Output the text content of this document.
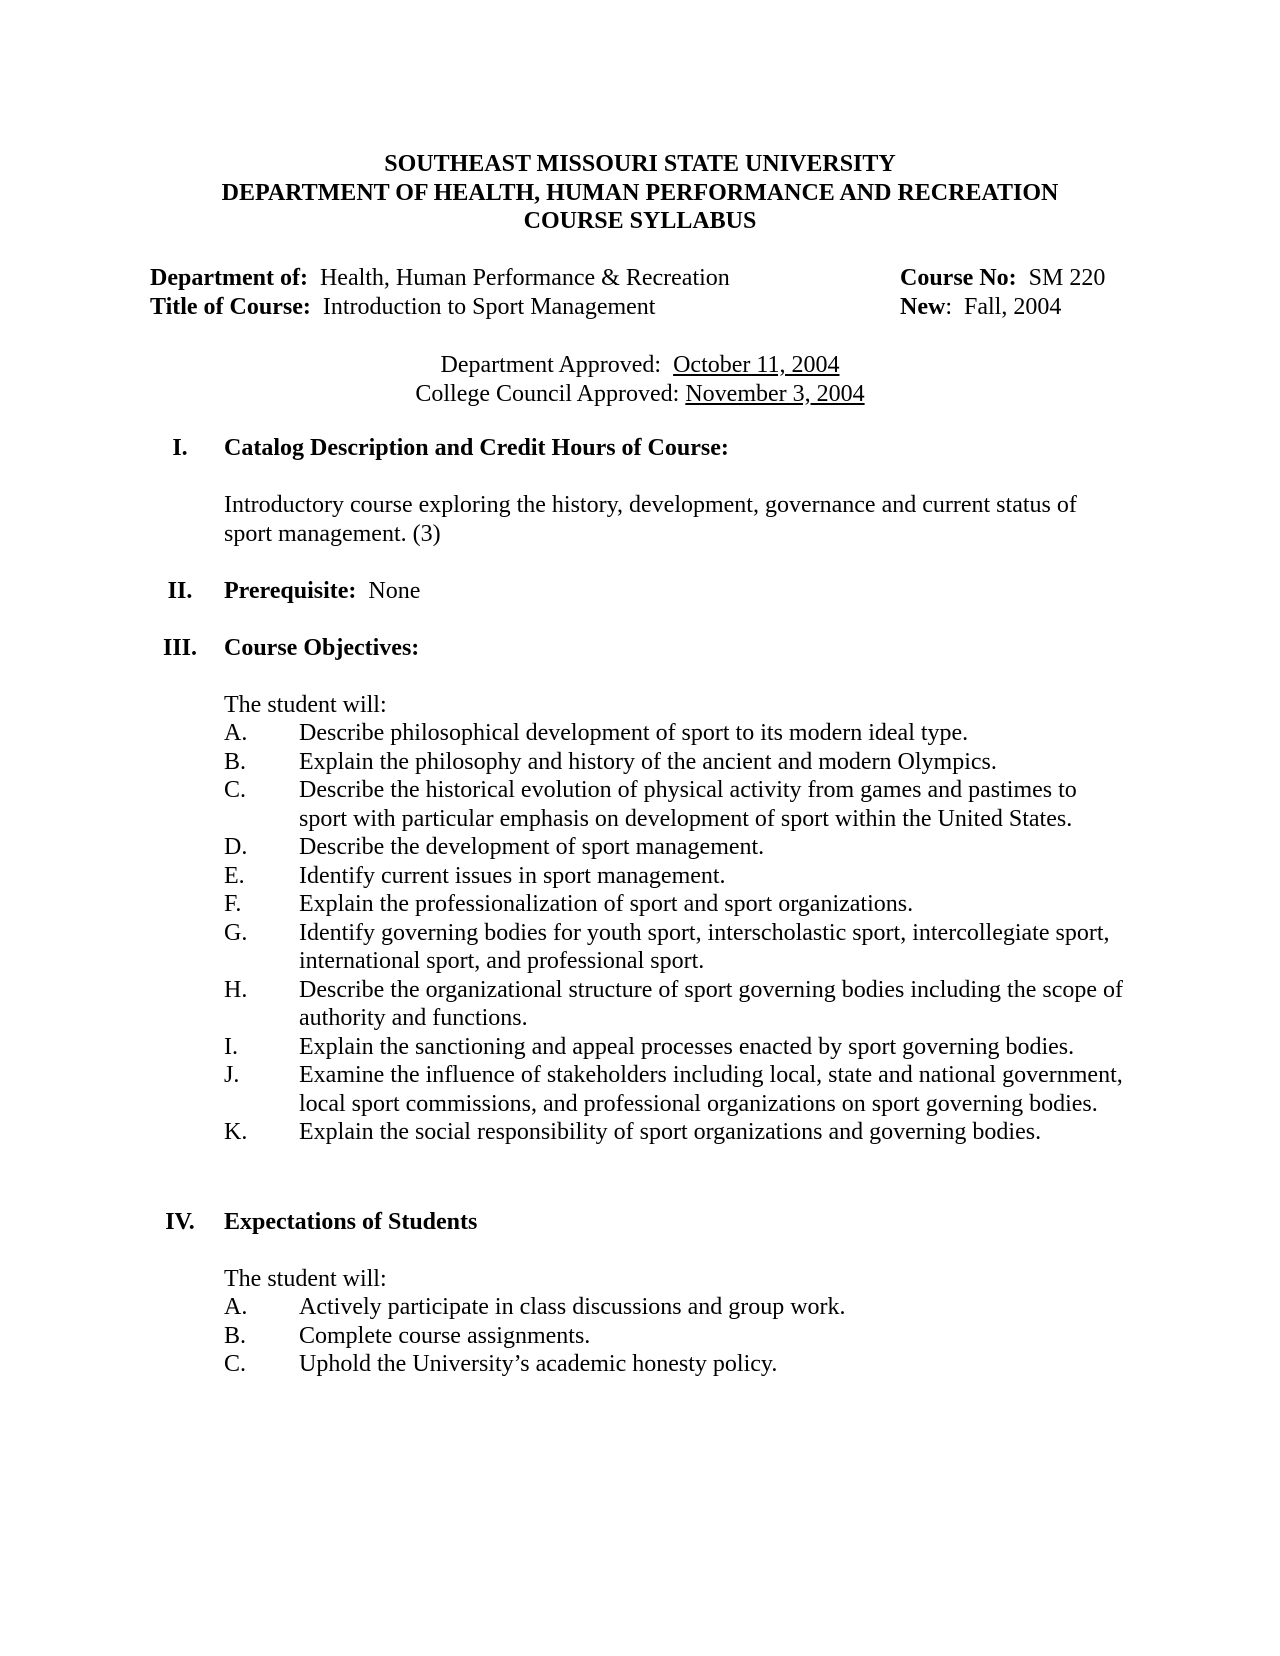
SOUTHEAST MISSOURI STATE UNIVERSITY
DEPARTMENT OF HEALTH, HUMAN PERFORMANCE AND RECREATION
COURSE SYLLABUS
Department of: Health, Human Performance & Recreation	Course No: SM 220
Title of Course: Introduction to Sport Management	New:  Fall, 2004
Department Approved: October 11, 2004
College Council Approved: November 3, 2004
I.	Catalog Description and Credit Hours of Course:
Introductory course exploring the history, development, governance and current status of sport management. (3)
II.	Prerequisite: None
III.	Course Objectives:
The student will:
A. Describe philosophical development of sport to its modern ideal type.
B. Explain the philosophy and history of the ancient and modern Olympics.
C. Describe the historical evolution of physical activity from games and pastimes to sport with particular emphasis on development of sport within the United States.
D. Describe the development of sport management.
E. Identify current issues in sport management.
F. Explain the professionalization of sport and sport organizations.
G. Identify governing bodies for youth sport, interscholastic sport, intercollegiate sport, international sport, and professional sport.
H. Describe the organizational structure of sport governing bodies including the scope of authority and functions.
I.	Explain the sanctioning and appeal processes enacted by sport governing bodies.
J. Examine the influence of stakeholders including local, state and national government, local sport commissions, and professional organizations on sport governing bodies.
K. Explain the social responsibility of sport organizations and governing bodies.
IV.	Expectations of Students
The student will:
A. Actively participate in class discussions and group work.
B. Complete course assignments.
C. Uphold the University’s academic honesty policy.
